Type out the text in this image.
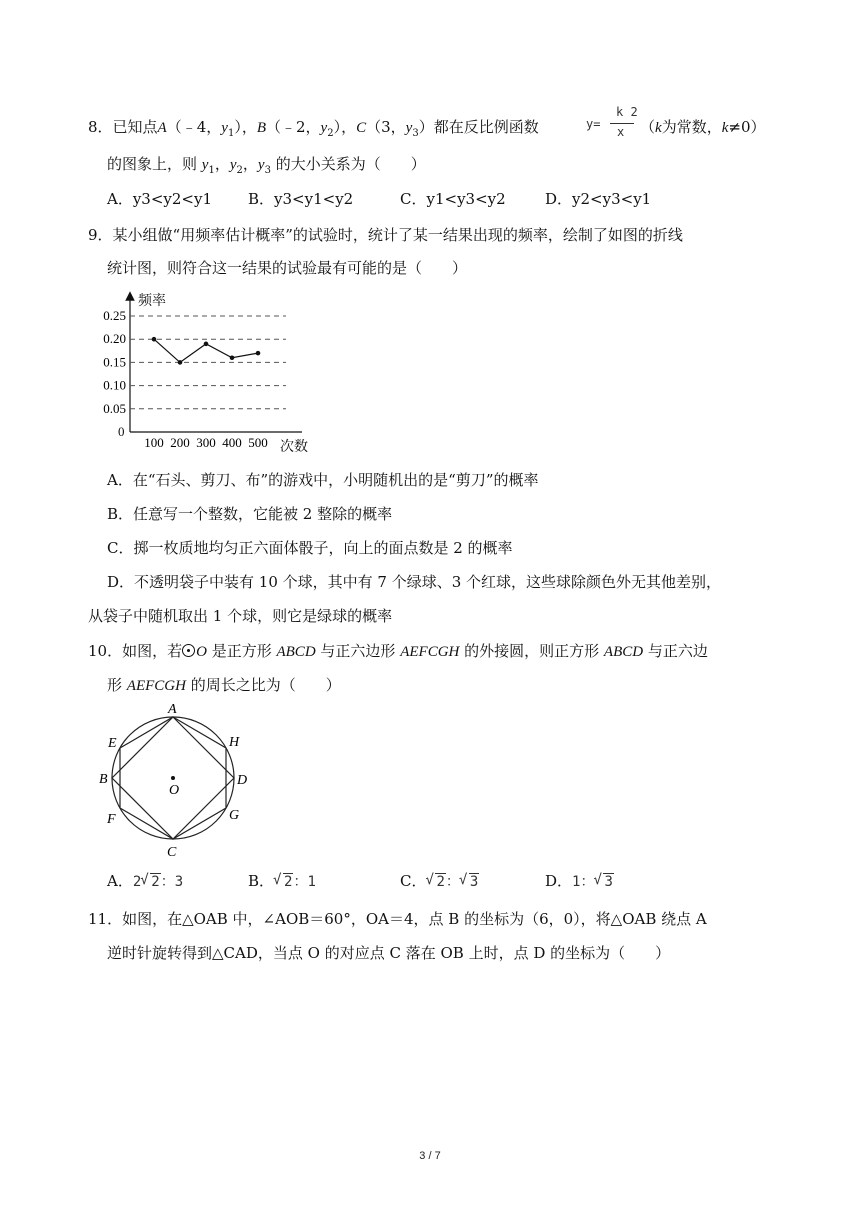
8．已知点A（﹣4，$y_1$），B（﹣2，$y_2$），C（3，$y_3$）都在反比例函数	y=
k 2
x （k为常数，k≠0）
的图象上，则 $y_1$，$y_2$，$y_3$ 的大小关系为（　　）
A．y3<y2<y1 B．y3<y1<y2	C．y1<y3<y2	D．y2<y3<y1
9．某小组做“用频率估计概率”的试验时，统计了某一结果出现的频率，绘制了如图的折线
统计图，则符合这一结果的试验最有可能的是（　　）
频率
次数
0
0.25
0.20
0.15
0.10
0.05
100 200 300 400 500
A．在“石头、剪刀、布”的游戏中，小明随机出的是“剪刀”的概率
B．任意写一个整数，它能被 2 整除的概率
C．掷一枚质地均匀正六面体骰子，向上的面点数是 2 的概率
D．不透明袋子中装有 10 个球，其中有 7 个绿球、3 个红球，这些球除颜色外无其他差别，
从袋子中随机取出 1 个球，则它是绿球的概率
10．如图，若 O 是正方形 ABCD 与正六边形 AEFCGH 的外接圆，则正方形 ABCD 与正六边
形 AEFCGH 的周长之比为（　　）
A
E	H
B	D
O
F	G
C
A．2 √ 2：3	B． √ 2：1	C． √ 2： √ 3	D．1： √ 3
11．如图，在△OAB 中，∠AOB＝60°，OA＝4，点 B 的坐标为（6，0），将△OAB 绕点 A
逆时针旋转得到△CAD，当点 O 的对应点 C 落在 OB 上时，点 D 的坐标为（　　）
3 / 7
